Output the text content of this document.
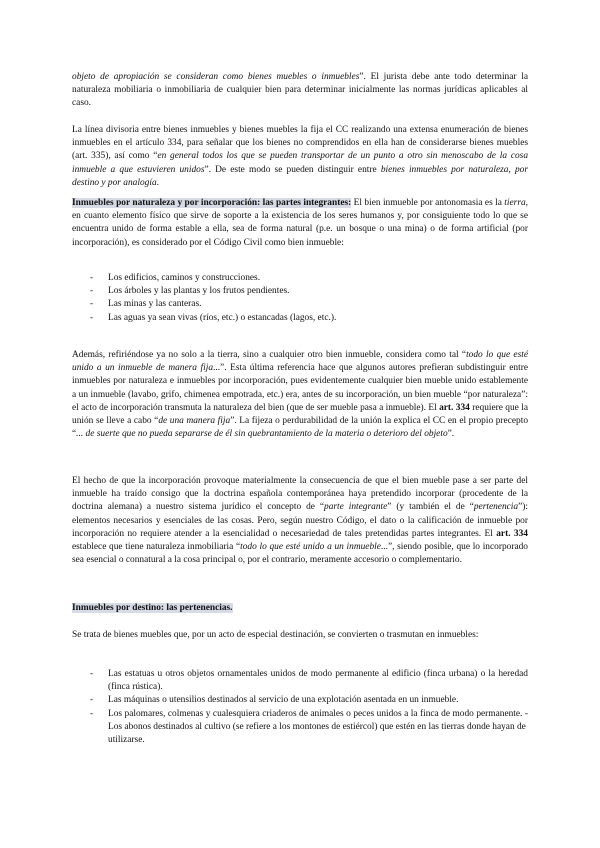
objeto de apropiación se consideran como bienes muebles o inmuebles”. El jurista debe ante todo determinar la naturaleza mobiliaria o inmobiliaria de cualquier bien para determinar inicialmente las normas jurídicas aplicables al caso.

La línea divisoria entre bienes inmuebles y bienes muebles la fija el CC realizando una extensa enumeración de bienes inmuebles en el artículo 334, para señalar que los bienes no comprendidos en ella han de considerarse bienes muebles (art. 335), así como “en general todos los que se pueden transportar de un punto a otro sin menoscabo de la cosa inmueble a que estuvieren unidos”. De este modo se pueden distinguir entre bienes inmuebles por naturaleza, por destino y por analogía.

Inmuebles por naturaleza y por incorporación: las partes integrantes: El bien inmueble por antonomasia es la tierra, en cuanto elemento físico que sirve de soporte a la existencia de los seres humanos y, por consiguiente todo lo que se encuentra unido de forma estable a ella, sea de forma natural (p.e. un bosque o una mina) o de forma artificial (por incorporación), es considerado por el Código Civil como bien inmueble:

- Los edificios, caminos y construcciones.
- Los árboles y las plantas y los frutos pendientes.
- Las minas y las canteras.
- Las aguas ya sean vivas (ríos, etc.) o estancadas (lagos, etc.).

Además, refiriéndose ya no solo a la tierra, sino a cualquier otro bien inmueble, considera como tal “todo lo que esté unido a un inmueble de manera fija...”. Esta última referencia hace que algunos autores prefieran subdistinguir entre inmuebles por naturaleza e inmuebles por incorporación, pues evidentemente cualquier bien mueble unido establemente a un inmueble (lavabo, grifo, chimenea empotrada, etc.) era, antes de su incorporación, un bien mueble “por naturaleza”: el acto de incorporación transmuta la naturaleza del bien (que de ser mueble pasa a inmueble). El art. 334 requiere que la unión se lleve a cabo “de una manera fija”. La fijeza o perdurabilidad de la unión la explica el CC en el propio precepto “... de suerte que no pueda separarse de él sin quebrantamiento de la materia o deterioro del objeto”.

El hecho de que la incorporación provoque materialmente la consecuencia de que el bien mueble pase a ser parte del inmueble ha traído consigo que la doctrina española contemporánea haya pretendido incorporar (procedente de la doctrina alemana) a nuestro sistema jurídico el concepto de “parte integrante” (y también el de “pertenencia”): elementos necesarios y esenciales de las cosas. Pero, según nuestro Código, el dato o la calificación de inmueble por incorporación no requiere atender a la esencialidad o necesariedad de tales pretendidas partes integrantes. El art. 334 establece que tiene naturaleza inmobiliaria “todo lo que esté unido a un inmueble...”, siendo posible, que lo incorporado sea esencial o connatural a la cosa principal o, por el contrario, meramente accesorio o complementario.

Inmuebles por destino: las pertenencias.

Se trata de bienes muebles que, por un acto de especial destinación, se convierten o trasmutan en inmuebles:

- Las estatuas u otros objetos ornamentales unidos de modo permanente al edificio (finca urbana) o la heredad (finca rústica).
- Las máquinas o utensilios destinados al servicio de una explotación asentada en un inmueble.
- Los palomares, colmenas y cualesquiera criaderos de animales o peces unidos a la finca de modo permanente. - Los abonos destinados al cultivo (se refiere a los montones de estiércol) que estén en las tierras donde hayan de
utilizarse.
